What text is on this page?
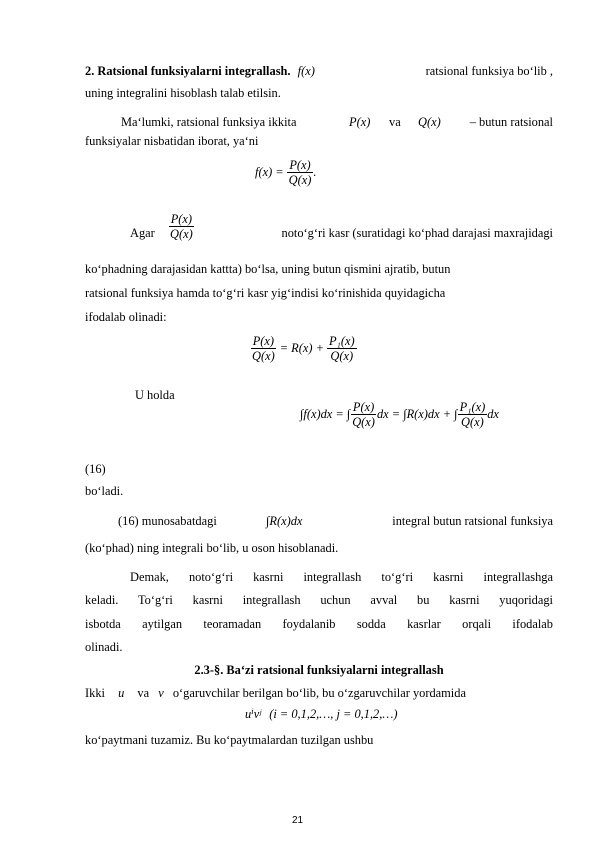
2. Ratsional funksiyalarni integrallash. f(x)	ratsional funksiya bo‘lib ,
uning integralini hisoblash talab etilsin.
Ma‘lumki, ratsional funksiya ikkita	P(x) va Q(x) – butun ratsional
funksiyalar nisbatidan iborat, ya‘ni
$f(x) = \frac{P(x)}{Q(x)}$ .
Agar	$\frac{P(x)}{Q(x)}$	noto‘g‘ri kasr (suratidagi ko‘phad darajasi maxrajidagi
ko‘phadning darajasidan kattta) bo‘lsa, uning butun qismini ajratib, butun
ratsional funksiya hamda to‘g‘ri kasr yig‘indisi ko‘rinishida quyidagicha
ifodalab olinadi:
$\frac{P(x)}{Q(x)} = R(x) + \frac{\text{P₁(x)}}{Q(x)}$
U holda
∫f(x)dx = ∫ $\frac{P(x)}{Q(x)}$ dx = ∫R(x)dx + ∫ $\frac{\text{P₁(x)}}{Q(x)}$ dx
(16)
bo‘ladi.
(16) munosabatdagi	∫R(x)dx	integral butun ratsional funksiya
(ko‘phad) ning integrali bo‘lib, u oson hisoblanadi.
Demak, noto‘g‘ri kasrni integrallash to‘g‘ri kasrni integrallashga
keladi. To‘g‘ri kasrni integrallash uchun avval bu kasrni yuqoridagi
isbotda aytilgan teoramadan foydalanib sodda kasrlar orqali ifodalab
olinadi.
2.3-§. Ba‘zi ratsional funksiyalarni integrallash
Ikki u va v o‘garuvchilar berilgan bo‘lib, bu o‘zgaruvchilar yordamida
uⁱvʲ (i = 0,1,2,…, j = 0,1,2,…)
ko‘paytmani tuzamiz. Bu ko‘paytmalardan tuzilgan ushbu
21
